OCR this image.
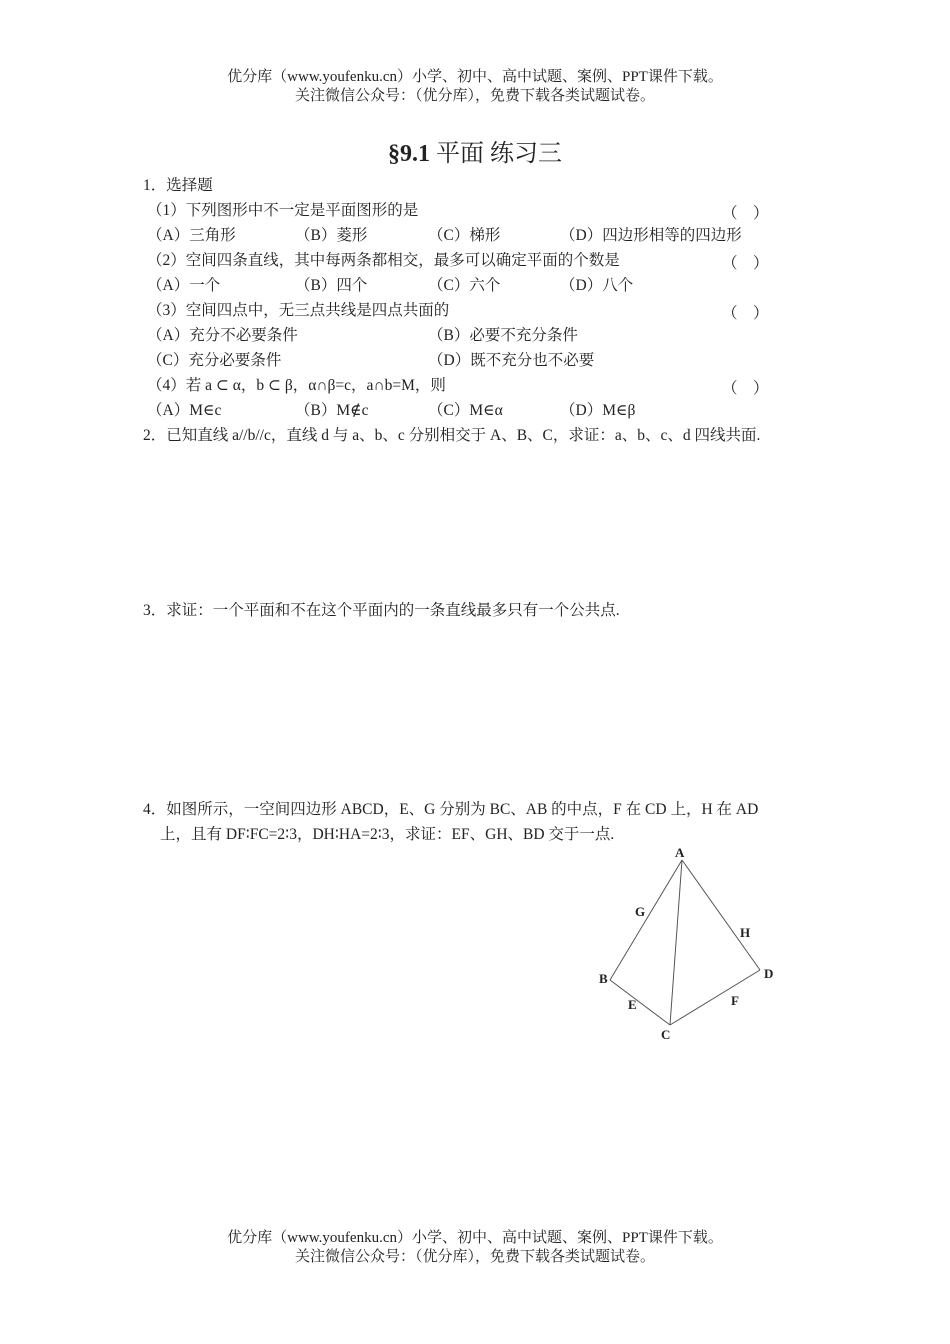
优分库（www.youfenku.cn）小学、初中、高中试题、案例、PPT课件下载。
关注微信公众号：（优分库），免费下载各类试题试卷。
§9.1 平面 练习三
1．选择题
（1）下列图形中不一定是平面图形的是	（    ）
（A）三角形	（B）菱形	（C）梯形	（D）四边形相等的四边形
（2）空间四条直线，其中每两条都相交，最多可以确定平面的个数是	（    ）
（A）一个	（B）四个	（C）六个	（D）八个
（3）空间四点中，无三点共线是四点共面的	（    ）
（A）充分不必要条件	（B）必要不充分条件
（C）充分必要条件	（D）既不充分也不必要
（4）若 a ⊂ α，b ⊂ β，α∩β=c，a∩b=M，则	（    ）
（A）M∈c	（B）M∉c	（C）M∈α	（D）M∈β
2．已知直线 a//b//c，直线 d 与 a、b、c 分别相交于 A、B、C，求证：a、b、c、d 四线共面.
3．求证：一个平面和不在这个平面内的一条直线最多只有一个公共点.
4．如图所示，一空间四边形 ABCD，E、G 分别为 BC、AB 的中点，F 在 CD 上，H 在 AD
上，且有 DF∶FC=2∶3，DH∶HA=2∶3，求证：EF、GH、BD 交于一点.
A
G
H
B	D
E	F
C
优分库（www.youfenku.cn）小学、初中、高中试题、案例、PPT课件下载。
关注微信公众号：（优分库），免费下载各类试题试卷。
